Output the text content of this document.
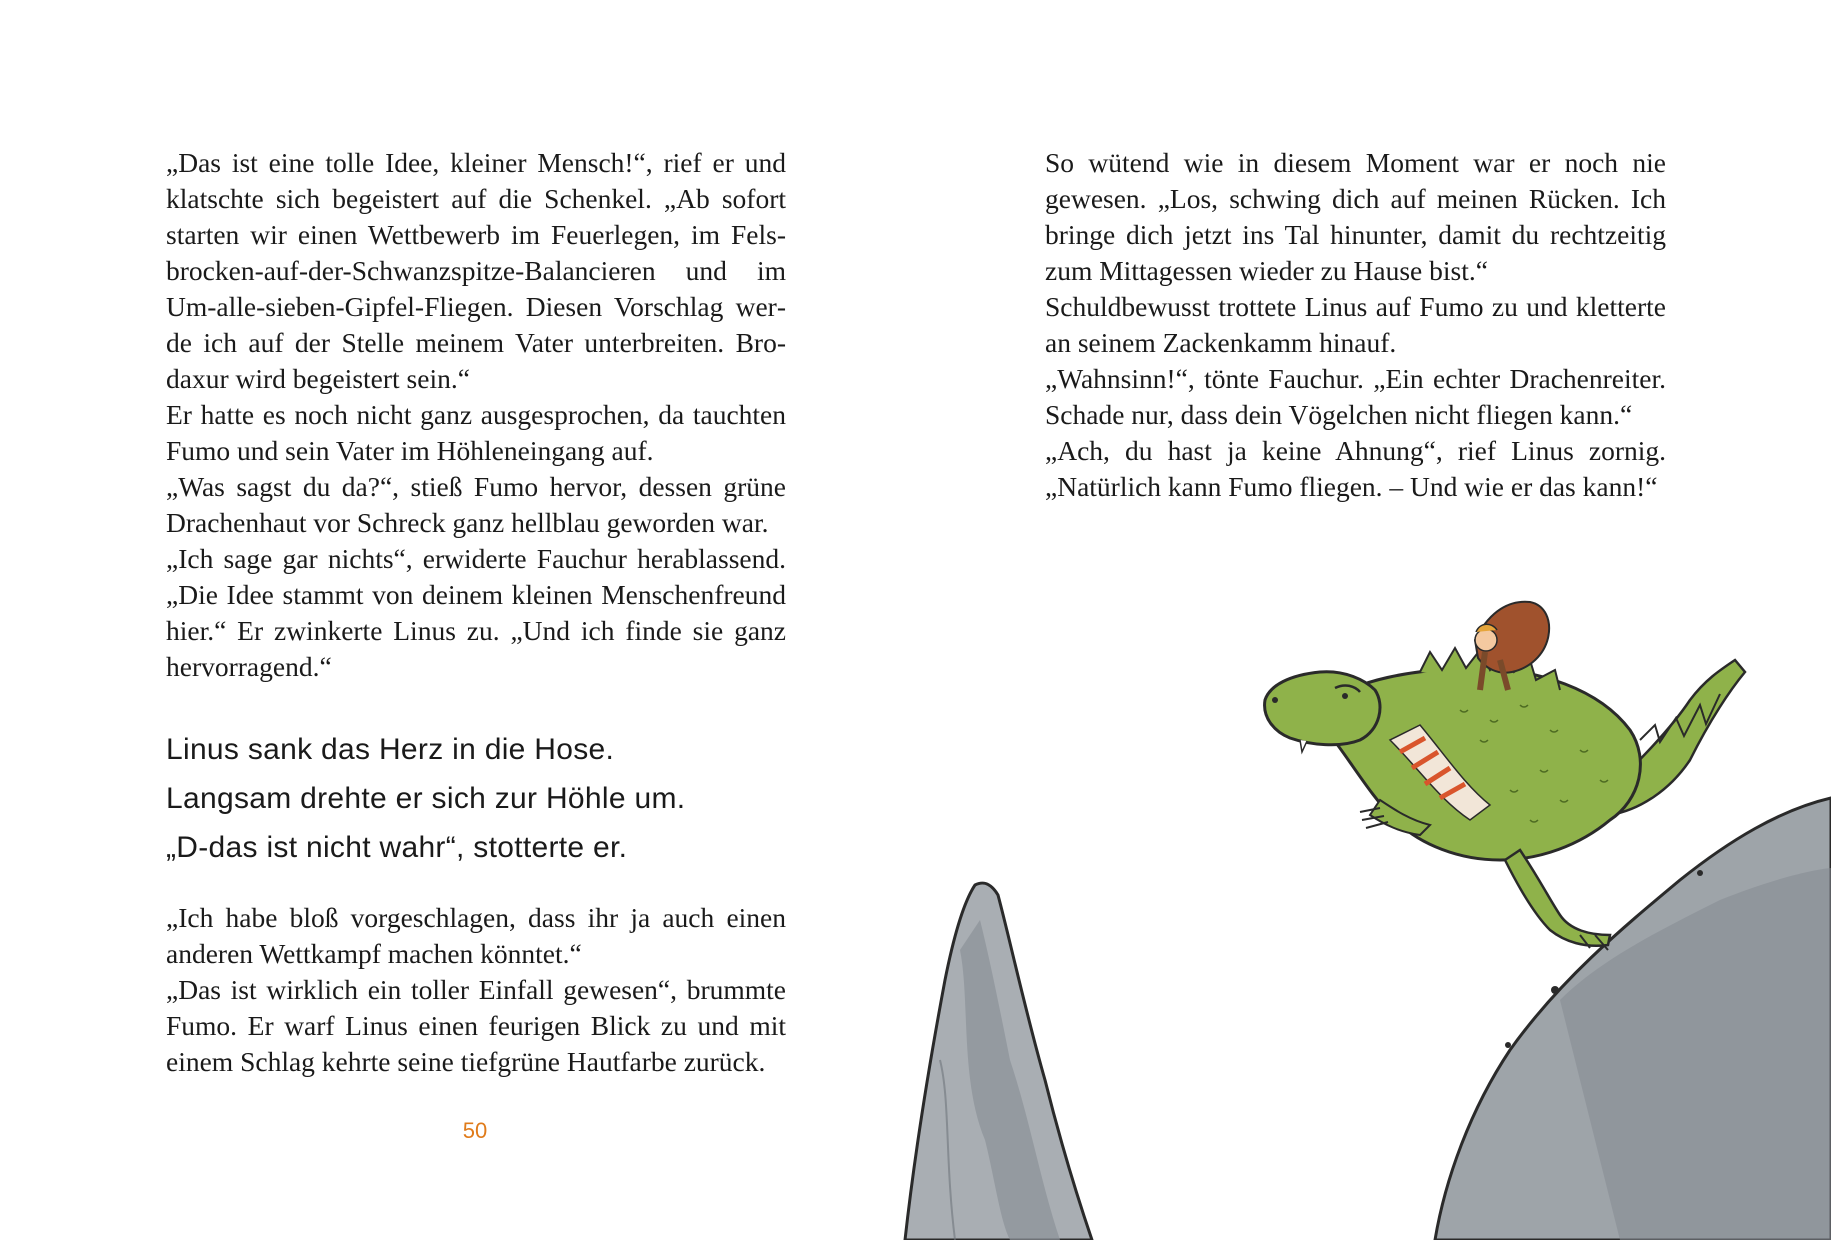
„Das ist eine tolle Idee, kleiner Mensch!“, rief er und klatschte sich begeistert auf die Schenkel. „Ab sofort starten wir einen Wettbewerb im Feuerlegen, im Felsbrocken-auf-der-Schwanzspitze-Balancieren und im Um-alle-sieben-Gipfel-Fliegen. Diesen Vorschlag werde ich auf der Stelle meinem Vater unterbreiten. Brodaxur wird begeistert sein.“

Er hatte es noch nicht ganz ausgesprochen, da tauchten Fumo und sein Vater im Höhleneingang auf.

„Was sagst du da?“, stieß Fumo hervor, dessen grüne Drachenhaut vor Schreck ganz hellblau geworden war.

„Ich sage gar nichts“, erwiderte Fauchur herablassend. „Die Idee stammt von deinem kleinen Menschenfreund hier.“ Er zwinkerte Linus zu. „Und ich finde sie ganz hervorragend.“

Linus sank das Herz in die Hose.

Langsam drehte er sich zur Höhle um.

„D-das ist nicht wahr“, stotterte er.

„Ich habe bloß vorgeschlagen, dass ihr ja auch einen anderen Wettkampf machen könntet.“

„Das ist wirklich ein toller Einfall gewesen“, brummte Fumo. Er warf Linus einen feurigen Blick zu und mit einem Schlag kehrte seine tiefgrüne Hautfarbe zurück.

50

So wütend wie in diesem Moment war er noch nie gewesen. „Los, schwing dich auf meinen Rücken. Ich bringe dich jetzt ins Tal hinunter, damit du rechtzeitig zum Mittagessen wieder zu Hause bist.“

Schuldbewusst trottete Linus auf Fumo zu und kletterte an seinem Zackenkamm hinauf.

„Wahnsinn!“, tönte Fauchur. „Ein echter Drachenreiter. Schade nur, dass dein Vögelchen nicht fliegen kann.“

„Ach, du hast ja keine Ahnung“, rief Linus zornig. „Natürlich kann Fumo fliegen. – Und wie er das kann!“
